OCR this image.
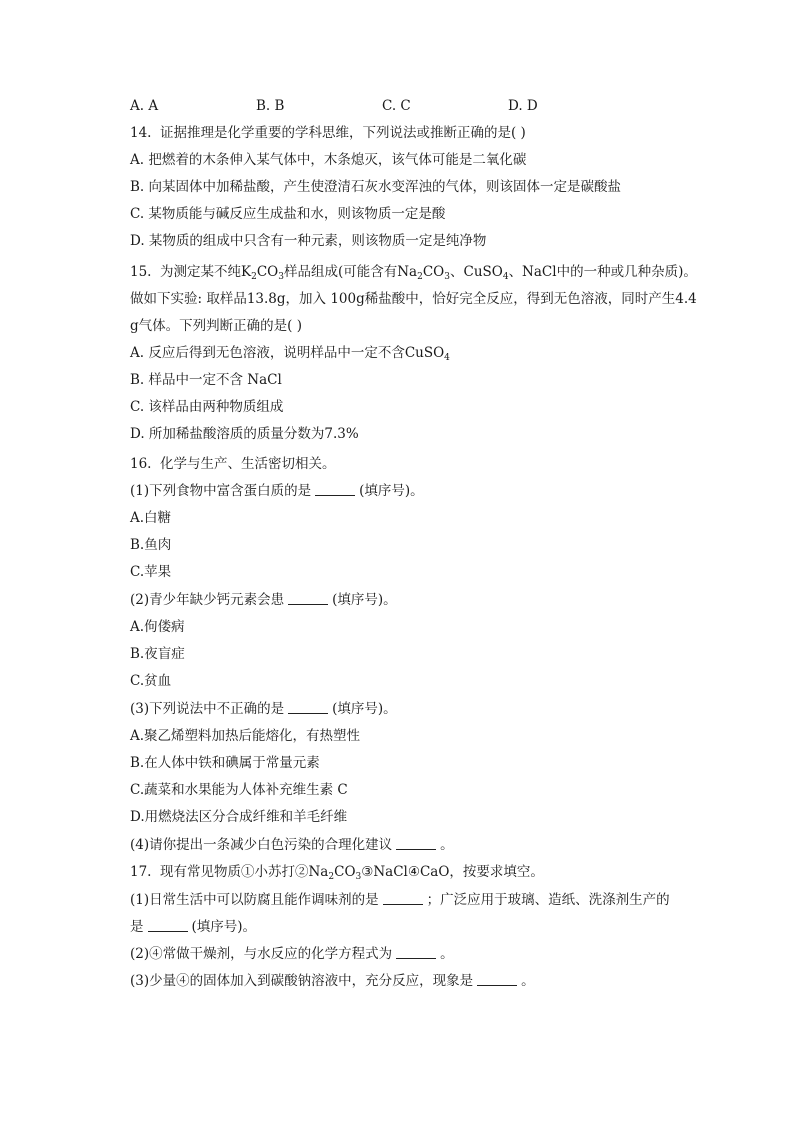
A. A	B. B	C. C	D. D
14. 证据推理是化学重要的学科思维，下列说法或推断正确的是( )
A. 把燃着的木条伸入某气体中，木条熄灭，该气体可能是二氧化碳
B. 向某固体中加稀盐酸，产生使澄清石灰水变浑浊的气体，则该固体一定是碳酸盐
C. 某物质能与碱反应生成盐和水，则该物质一定是酸
D. 某物质的组成中只含有一种元素，则该物质一定是纯净物
15. 为测定某不纯$K_2CO_3$样品组成(可能含有$Na_2CO_3$、CuSO$_4$、NaCl中的一种或几种杂质)。
做如下实验: 取样品13.8g，加入 100g稀盐酸中，恰好完全反应，得到无色溶液，同时产生4.4
g气体。下列判断正确的是( )
A. 反应后得到无色溶液，说明样品中一定不含CuSO$_4$
B. 样品中一定不含 NaCl
C. 该样品由两种物质组成
D. 所加稀盐酸溶质的质量分数为7.3%
16. 化学与生产、生活密切相关。
(1)下列食物中富含蛋白质的是	(填序号)。
A.白糖
B.鱼肉
C.苹果
(2)青少年缺少钙元素会患	(填序号)。
A.佝偻病
B.夜盲症
C.贫血
(3)下列说法中不正确的是	(填序号)。
A.聚乙烯塑料加热后能熔化，有热塑性
B.在人体中铁和碘属于常量元素
C.蔬菜和水果能为人体补充维生素 C
D.用燃烧法区分合成纤维和羊毛纤维
(4)请你提出一条减少白色污染的合理化建议	。
17. 现有常见物质①小苏打$②Na_2CO_3③NaCl④CaO$，按要求填空。
(1)日常生活中可以防腐且能作调味剂的是	；广泛应用于玻璃、造纸、洗涤剂生产的
是	(填序号)。
(2)④常做干燥剂，与水反应的化学方程式为	。
(3)少量④的固体加入到碳酸钠溶液中，充分反应，现象是	。
